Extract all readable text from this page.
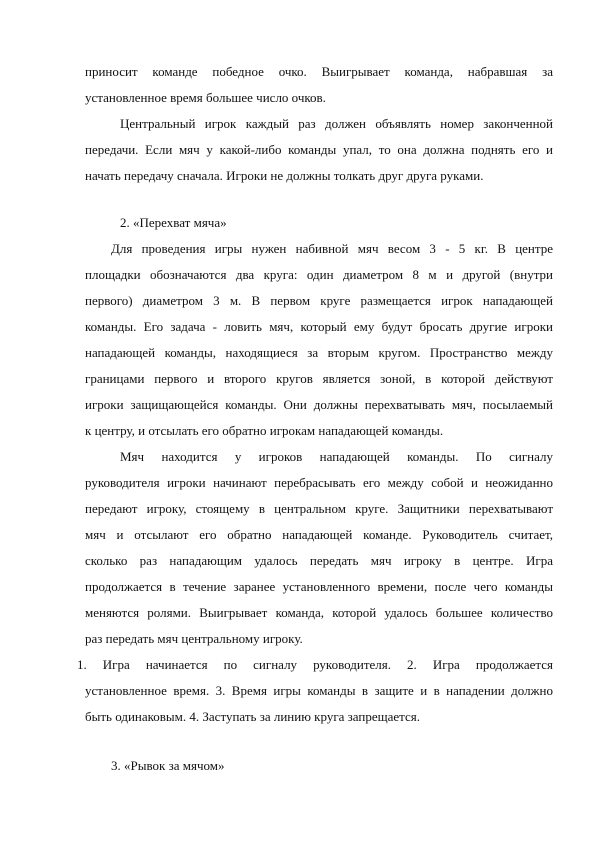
приносит команде победное очко. Выигрывает команда, набравшая за
установленное время большее число очков.
Центральный игрок каждый раз должен объявлять номер законченной
передачи. Если мяч у какой-либо команды упал, то она должна поднять его и
начать передачу сначала. Игроки не должны толкать друг друга руками.
2. «Перехват мяча»
Для проведения игры нужен набивной мяч весом 3 - 5 кг. В центре
площадки обозначаются два круга: один диаметром 8 м и другой (внутри
первого) диаметром 3 м. В первом круге размещается игрок нападающей
команды. Его задача - ловить мяч, который ему будут бросать другие игроки
нападающей команды, находящиеся за вторым кругом. Пространство между
границами первого и второго кругов является зоной, в которой действуют
игроки защищающейся команды. Они должны перехватывать мяч, посылаемый
к центру, и отсылать его обратно игрокам нападающей команды.
Мяч находится у игроков нападающей команды. По сигналу
руководителя игроки начинают перебрасывать его между собой и неожиданно
передают игроку, стоящему в центральном круге. Защитники перехватывают
мяч и отсылают его обратно нападающей команде. Руководитель считает,
сколько раз нападающим удалось передать мяч игроку в центре. Игра
продолжается в течение заранее установленного времени, после чего команды
меняются ролями. Выигрывает команда, которой удалось большее количество
раз передать мяч центральному игроку.
1. Игра начинается по сигналу руководителя. 2. Игра продолжается
установленное время. 3. Время игры команды в защите и в нападении должно
быть одинаковым. 4. Заступать за линию круга запрещается.
3. «Рывок за мячом»
